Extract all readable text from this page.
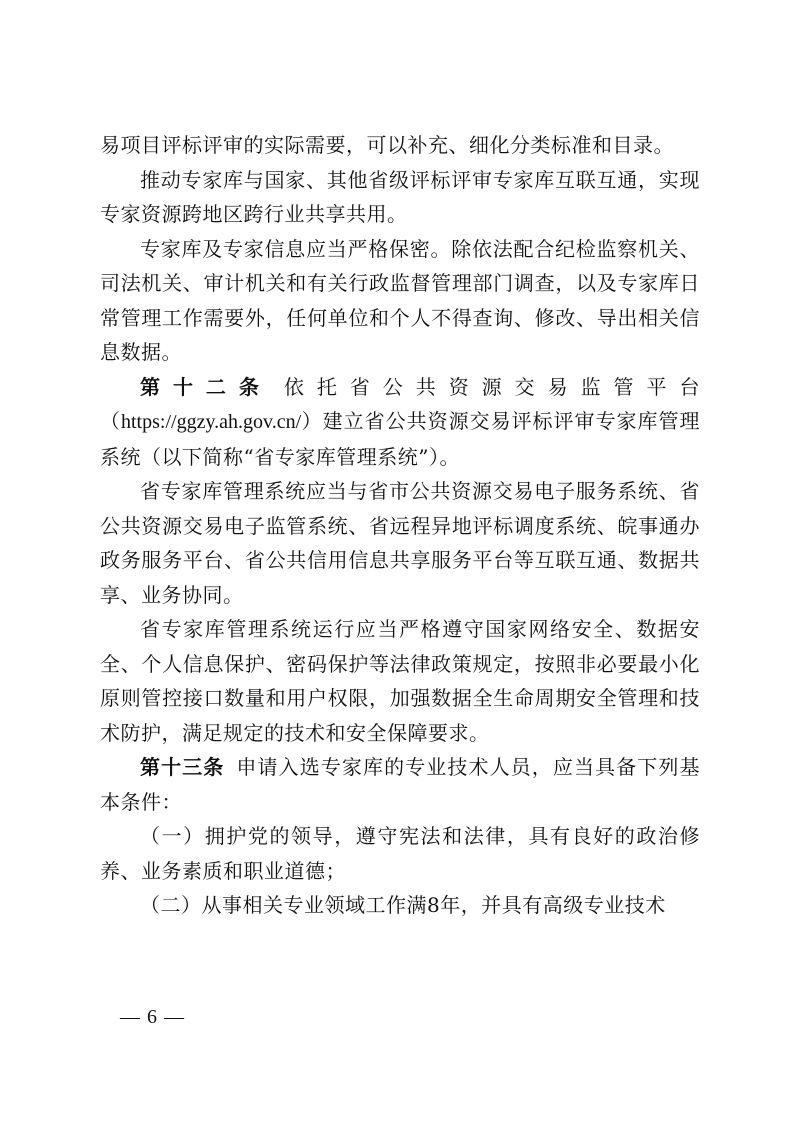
易项目评标评审的实际需要，可以补充、细化分类标准和目录。

推动专家库与国家、其他省级评标评审专家库互联互通，实现专家资源跨地区跨行业共享共用。

专家库及专家信息应当严格保密。除依法配合纪检监察机关、司法机关、审计机关和有关行政监督管理部门调查，以及专家库日常管理工作需要外，任何单位和个人不得查询、修改、导出相关信息数据。

第十二条 依托省公共资源交易监管平台（https://ggzy.ah.gov.cn/）建立省公共资源交易评标评审专家库管理系统（以下简称“省专家库管理系统”）。

省专家库管理系统应当与省市公共资源交易电子服务系统、省公共资源交易电子监管系统、省远程异地评标调度系统、皖事通办政务服务平台、省公共信用信息共享服务平台等互联互通、数据共享、业务协同。

省专家库管理系统运行应当严格遵守国家网络安全、数据安全、个人信息保护、密码保护等法律政策规定，按照非必要最小化原则管控接口数量和用户权限，加强数据全生命周期安全管理和技术防护，满足规定的技术和安全保障要求。

第十三条 申请入选专家库的专业技术人员，应当具备下列基本条件：

（一）拥护党的领导，遵守宪法和法律，具有良好的政治修养、业务素质和职业道德；

（二）从事相关专业领域工作满8年，并具有高级专业技术

— 6 —
